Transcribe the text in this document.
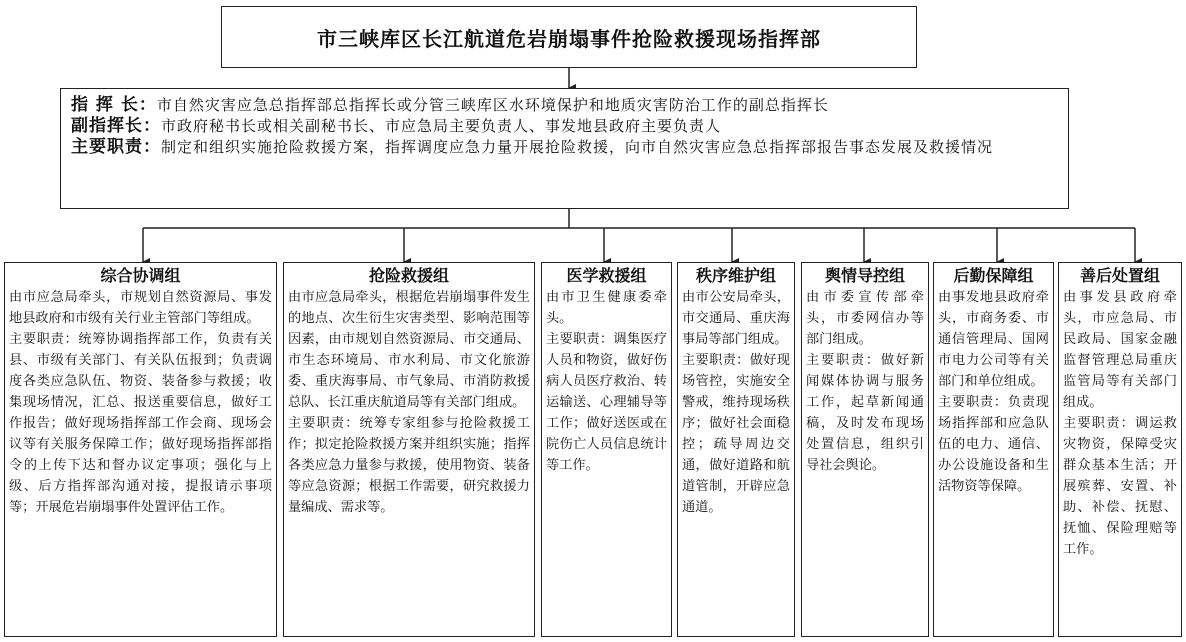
市三峡库区长江航道危岩崩塌事件抢险救援现场指挥部
指 挥 长：市自然灾害应急总指挥部总指挥长或分管三峡库区水环境保护和地质灾害防治工作的副总指挥长
副指挥长：市政府秘书长或相关副秘书长、市应急局主要负责人、事发地县政府主要负责人
主要职责：制定和组织实施抢险救援方案，指挥调度应急力量开展抢险救援，向市自然灾害应急总指挥部报告事态发展及救援情况
综合协调组
由市应急局牵头，市规划自然资源局、事发地县政府和市级有关行业主管部门等组成。
主要职责：统筹协调指挥部工作，负责有关县、市级有关部门、有关队伍报到；负责调度各类应急队伍、物资、装备参与救援；收集现场情况，汇总、报送重要信息，做好工作报告；做好现场指挥部工作会商、现场会议等有关服务保障工作；做好现场指挥部指令的上传下达和督办议定事项；强化与上级、后方指挥部沟通对接，提报请示事项等；开展危岩崩塌事件处置评估工作。
抢险救援组
由市应急局牵头，根据危岩崩塌事件发生的地点、次生衍生灾害类型、影响范围等因素，由市规划自然资源局、市交通局、市生态环境局、市水利局、市文化旅游委、重庆海事局、市气象局、市消防救援总队、长江重庆航道局等有关部门组成。
主要职责：统筹专家组参与抢险救援工作；拟定抢险救援方案并组织实施；指挥各类应急力量参与救援，使用物资、装备等应急资源；根据工作需要，研究救援力量编成、需求等。
医学救援组
由市卫生健康委牵头。
主要职责：调集医疗人员和物资，做好伤病人员医疗救治、转运输送、心理辅导等工作；做好送医或在院伤亡人员信息统计等工作。
秩序维护组
由市公安局牵头，市交通局、重庆海事局等部门组成。
主要职责：做好现场管控，实施安全警戒，维持现场秩序；做好社会面稳控；疏导周边交通，做好道路和航道管制，开辟应急通道。
舆情导控组
由市委宣传部牵头，市委网信办等部门组成。
主要职责：做好新闻媒体协调与服务工作，起草新闻通稿，及时发布现场处置信息，组织引导社会舆论。
后勤保障组
由事发地县政府牵头，市商务委、市通信管理局、国网市电力公司等有关部门和单位组成。
主要职责：负责现场指挥部和应急队伍的电力、通信、办公设施设备和生活物资等保障。
善后处置组
由事发县政府牵头，市应急局、市民政局、国家金融监督管理总局重庆监管局等有关部门组成。
主要职责：调运救灾物资，保障受灾群众基本生活；开展殡葬、安置、补助、补偿、抚慰、抚恤、保险理赔等工作。
